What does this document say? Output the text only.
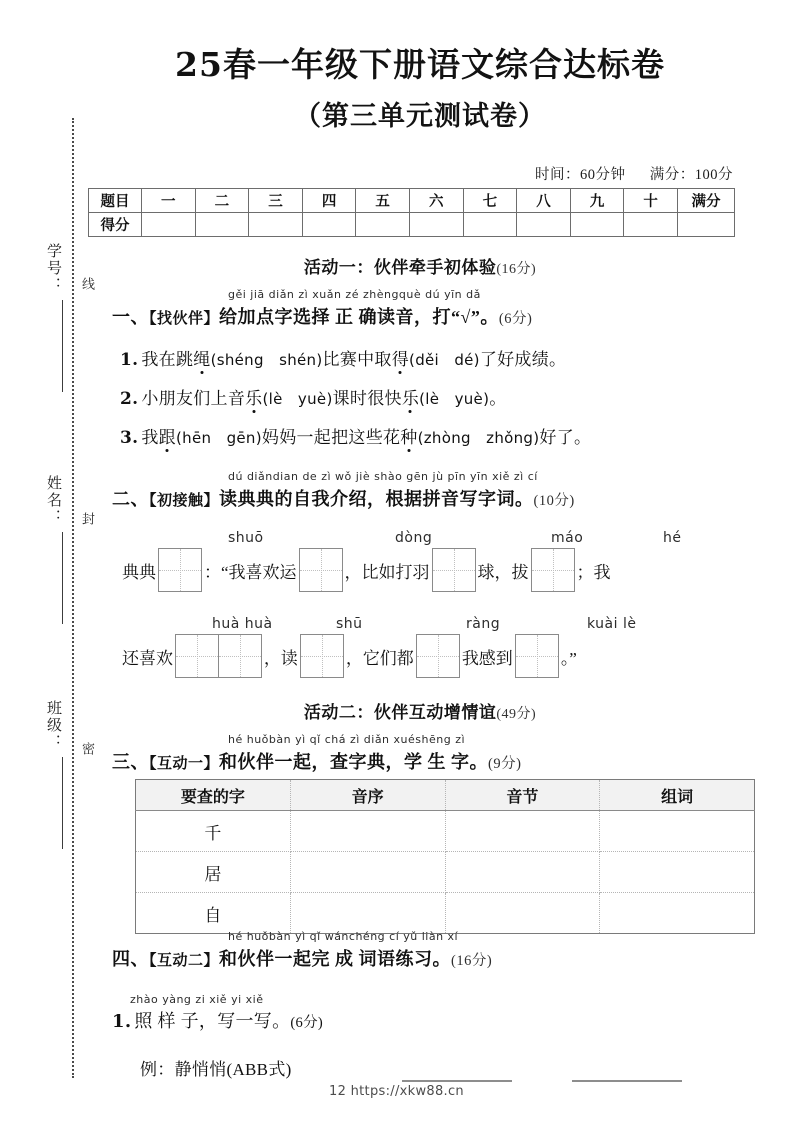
学号：
姓名：
班级：
线
封
密
25春一年级下册语文综合达标卷
（第三单元测试卷）
时间：60分钟 满分：100分
题目	一	二	三	四	五	六	七	八	九	十	满分
得分											
活动一：伙伴牵手初体验(16分)
gěi jiā diǎn zì xuǎn zé zhèngquè dú yīn dǎ
一、【找伙伴】给加点字选择 正 确读音，打“√”。(6分)
1. 我在跳绳(shéng　shén)比赛中取得(děi　dé)了好成绩。
2. 小朋友们上音乐(lè　yuè)课时很快乐(lè　yuè)。
3. 我跟(hēn　gēn)妈妈一起把这些花种(zhòng　zhǒng)好了。
dú diǎndian de zì wǒ jiè shào gēn jù pīn yīn xiě zì cí
二、【初接触】读典典的自我介绍，根据拼音写字词。(10分)
shuō	dòng	máo	hé
典典	：“我喜欢运	，比如打羽	球，拔	；我
huà huà	shū	ràng	kuài lè
还喜欢	，读	，它们都	我感到	。”
活动二：伙伴互动增情谊(49分)
hé huǒbàn yì qǐ chá zì diǎn xuéshēng zì
三、【互动一】和伙伴一起，查字典，学 生 字。(9分)
要查的字	音序	音节	组词
千			
居			
自			
hé huǒbàn yì qǐ wánchéng cí yǔ liàn xí
四、【互动二】和伙伴一起完 成 词语练习。(16分)
zhào yàng zi xiě yi xiě
1. 照 样 子，写一写。(6分)
例：静悄悄(ABB式)
12 https://xkw88.cn
